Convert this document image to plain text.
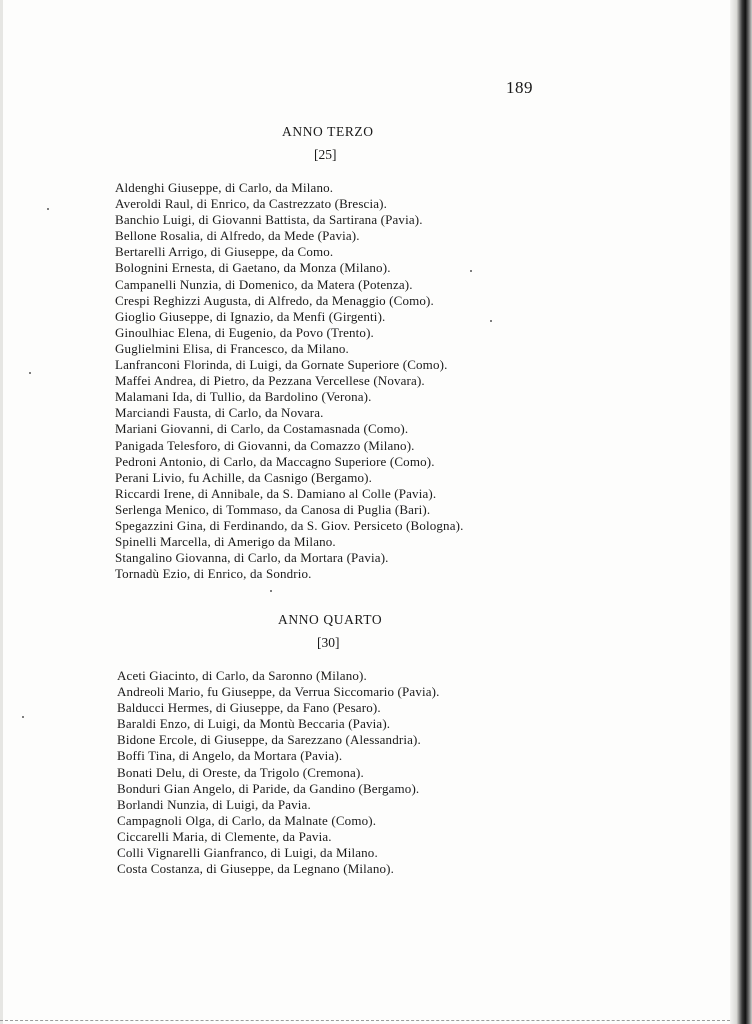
189
ANNO TERZO
[25]
Aldenghi Giuseppe, di Carlo, da Milano.
Averoldi Raul, di Enrico, da Castrezzato (Brescia).
Banchio Luigi, di Giovanni Battista, da Sartirana (Pavia).
Bellone Rosalia, di Alfredo, da Mede (Pavia).
Bertarelli Arrigo, di Giuseppe, da Como.
Bolognini Ernesta, di Gaetano, da Monza (Milano).
Campanelli Nunzia, di Domenico, da Matera (Potenza).
Crespi Reghizzi Augusta, di Alfredo, da Menaggio (Como).
Gioglio Giuseppe, di Ignazio, da Menfi (Girgenti).
Ginoulhiac Elena, di Eugenio, da Povo (Trento).
Guglielmini Elisa, di Francesco, da Milano.
Lanfranconi Florinda, di Luigi, da Gornate Superiore (Como).
Maffei Andrea, di Pietro, da Pezzana Vercellese (Novara).
Malamani Ida, di Tullio, da Bardolino (Verona).
Marciandi Fausta, di Carlo, da Novara.
Mariani Giovanni, di Carlo, da Costamasnada (Como).
Panigada Telesforo, di Giovanni, da Comazzo (Milano).
Pedroni Antonio, di Carlo, da Maccagno Superiore (Como).
Perani Livio, fu Achille, da Casnigo (Bergamo).
Riccardi Irene, di Annibale, da S. Damiano al Colle (Pavia).
Serlenga Menico, di Tommaso, da Canosa di Puglia (Bari).
Spegazzini Gina, di Ferdinando, da S. Giov. Persiceto (Bologna).
Spinelli Marcella, di Amerigo da Milano.
Stangalino Giovanna, di Carlo, da Mortara (Pavia).
Tornadù Ezio, di Enrico, da Sondrio.
ANNO QUARTO
[30]
Aceti Giacinto, di Carlo, da Saronno (Milano).
Andreoli Mario, fu Giuseppe, da Verrua Siccomario (Pavia).
Balducci Hermes, di Giuseppe, da Fano (Pesaro).
Baraldi Enzo, di Luigi, da Montù Beccaria (Pavia).
Bidone Ercole, di Giuseppe, da Sarezzano (Alessandria).
Boffi Tina, di Angelo, da Mortara (Pavia).
Bonati Delu, di Oreste, da Trigolo (Cremona).
Bonduri Gian Angelo, di Paride, da Gandino (Bergamo).
Borlandi Nunzia, di Luigi, da Pavia.
Campagnoli Olga, di Carlo, da Malnate (Como).
Ciccarelli Maria, di Clemente, da Pavia.
Colli Vignarelli Gianfranco, di Luigi, da Milano.
Costa Costanza, di Giuseppe, da Legnano (Milano).
